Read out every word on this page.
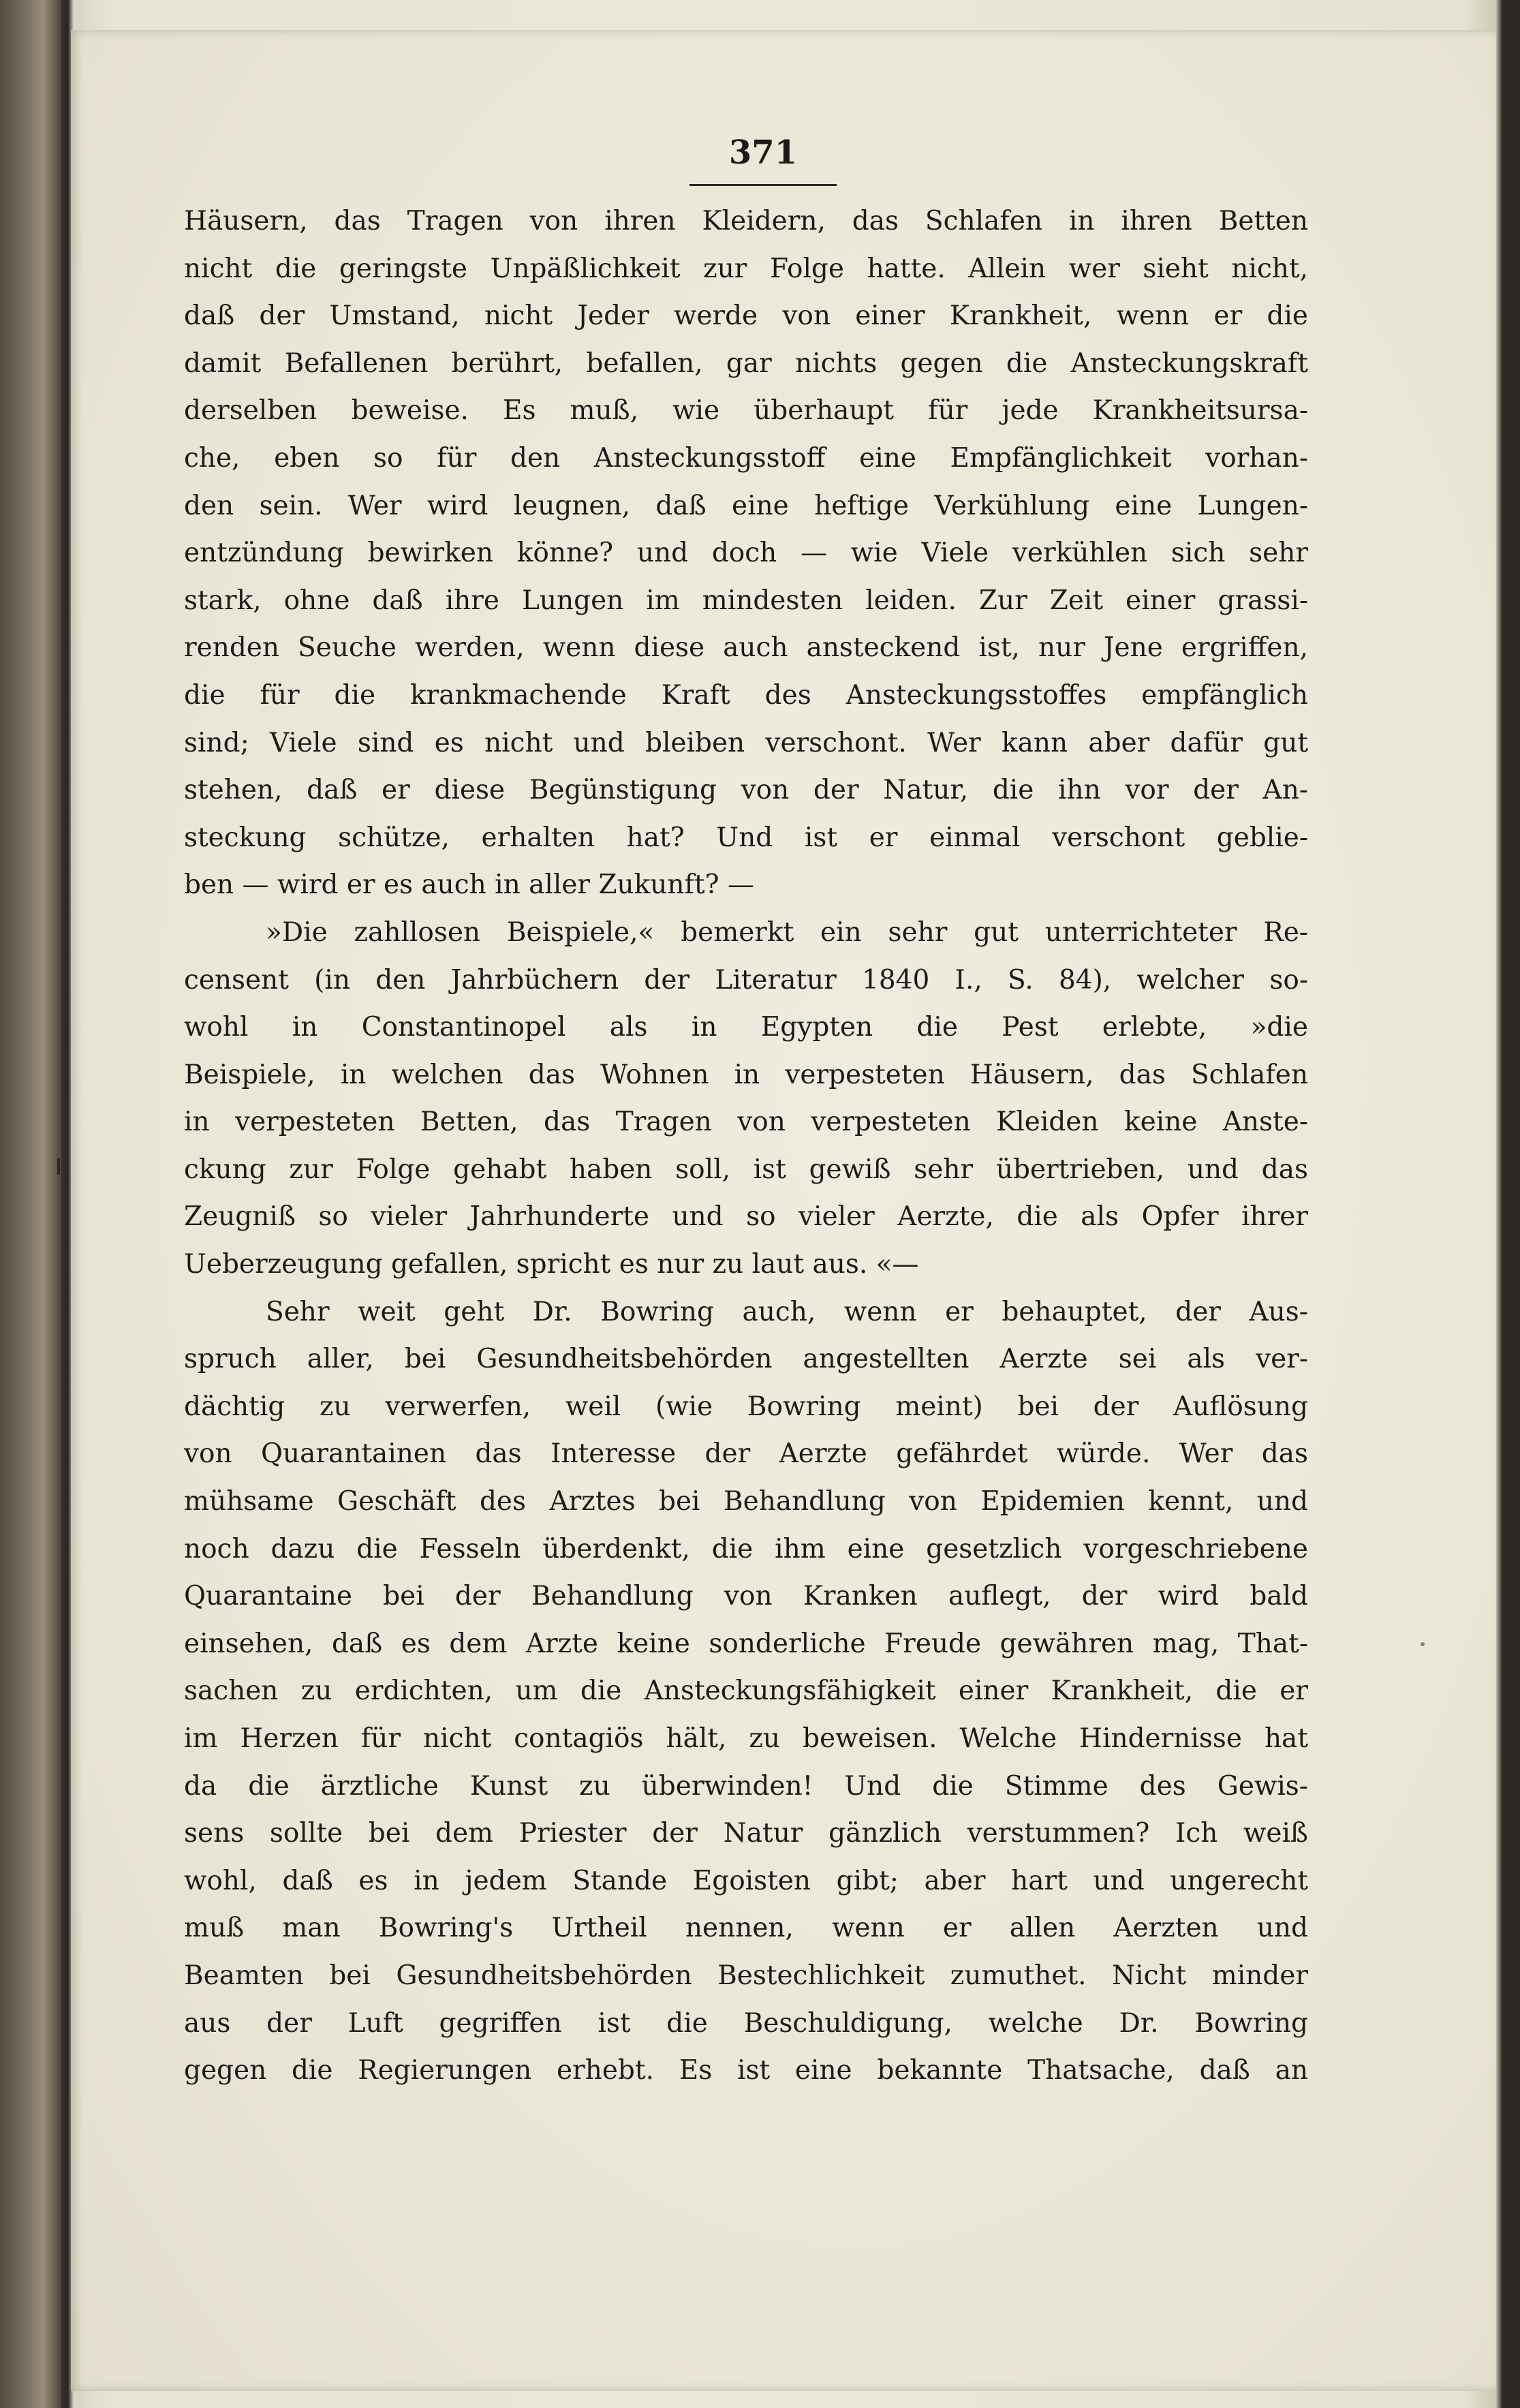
371
Häusern, das Tragen von ihren Kleidern, das Schlafen in ihren Betten
nicht die geringste Unpäßlichkeit zur Folge hatte. Allein wer sieht nicht,
daß der Umstand, nicht Jeder werde von einer Krankheit, wenn er die
damit Befallenen berührt, befallen, gar nichts gegen die Ansteckungskraft
derselben beweise. Es muß, wie überhaupt für jede Krankheitsursa-
che, eben so für den Ansteckungsstoff eine Empfänglichkeit vorhan-
den sein. Wer wird leugnen, daß eine heftige Verkühlung eine Lungen-
entzündung bewirken könne? und doch — wie Viele verkühlen sich sehr
stark, ohne daß ihre Lungen im mindesten leiden. Zur Zeit einer grassi-
renden Seuche werden, wenn diese auch ansteckend ist, nur Jene ergriffen,
die für die krankmachende Kraft des Ansteckungsstoffes empfänglich
sind; Viele sind es nicht und bleiben verschont. Wer kann aber dafür gut
stehen, daß er diese Begünstigung von der Natur, die ihn vor der An-
steckung schütze, erhalten hat? Und ist er einmal verschont geblie-
ben — wird er es auch in aller Zukunft? —
»Die zahllosen Beispiele,« bemerkt ein sehr gut unterrichteter Re-
censent (in den Jahrbüchern der Literatur 1840 I., S. 84), welcher so-
wohl in Constantinopel als in Egypten die Pest erlebte, »die
Beispiele, in welchen das Wohnen in verpesteten Häusern, das Schlafen
in verpesteten Betten, das Tragen von verpesteten Kleiden keine Anste-
ckung zur Folge gehabt haben soll, ist gewiß sehr übertrieben, und das
Zeugniß so vieler Jahrhunderte und so vieler Aerzte, die als Opfer ihrer
Ueberzeugung gefallen, spricht es nur zu laut aus. «—
Sehr weit geht Dr. Bowring auch, wenn er behauptet, der Aus-
spruch aller, bei Gesundheitsbehörden angestellten Aerzte sei als ver-
dächtig zu verwerfen, weil (wie Bowring meint) bei der Auflösung
von Quarantainen das Interesse der Aerzte gefährdet würde. Wer das
mühsame Geschäft des Arztes bei Behandlung von Epidemien kennt, und
noch dazu die Fesseln überdenkt, die ihm eine gesetzlich vorgeschriebene
Quarantaine bei der Behandlung von Kranken auflegt, der wird bald
einsehen, daß es dem Arzte keine sonderliche Freude gewähren mag, That-
sachen zu erdichten, um die Ansteckungsfähigkeit einer Krankheit, die er
im Herzen für nicht contagiös hält, zu beweisen. Welche Hindernisse hat
da die ärztliche Kunst zu überwinden! Und die Stimme des Gewis-
sens sollte bei dem Priester der Natur gänzlich verstummen? Ich weiß
wohl, daß es in jedem Stande Egoisten gibt; aber hart und ungerecht
muß man Bowring's Urtheil nennen, wenn er allen Aerzten und
Beamten bei Gesundheitsbehörden Bestechlichkeit zumuthet. Nicht minder
aus der Luft gegriffen ist die Beschuldigung, welche Dr. Bowring
gegen die Regierungen erhebt. Es ist eine bekannte Thatsache, daß an
